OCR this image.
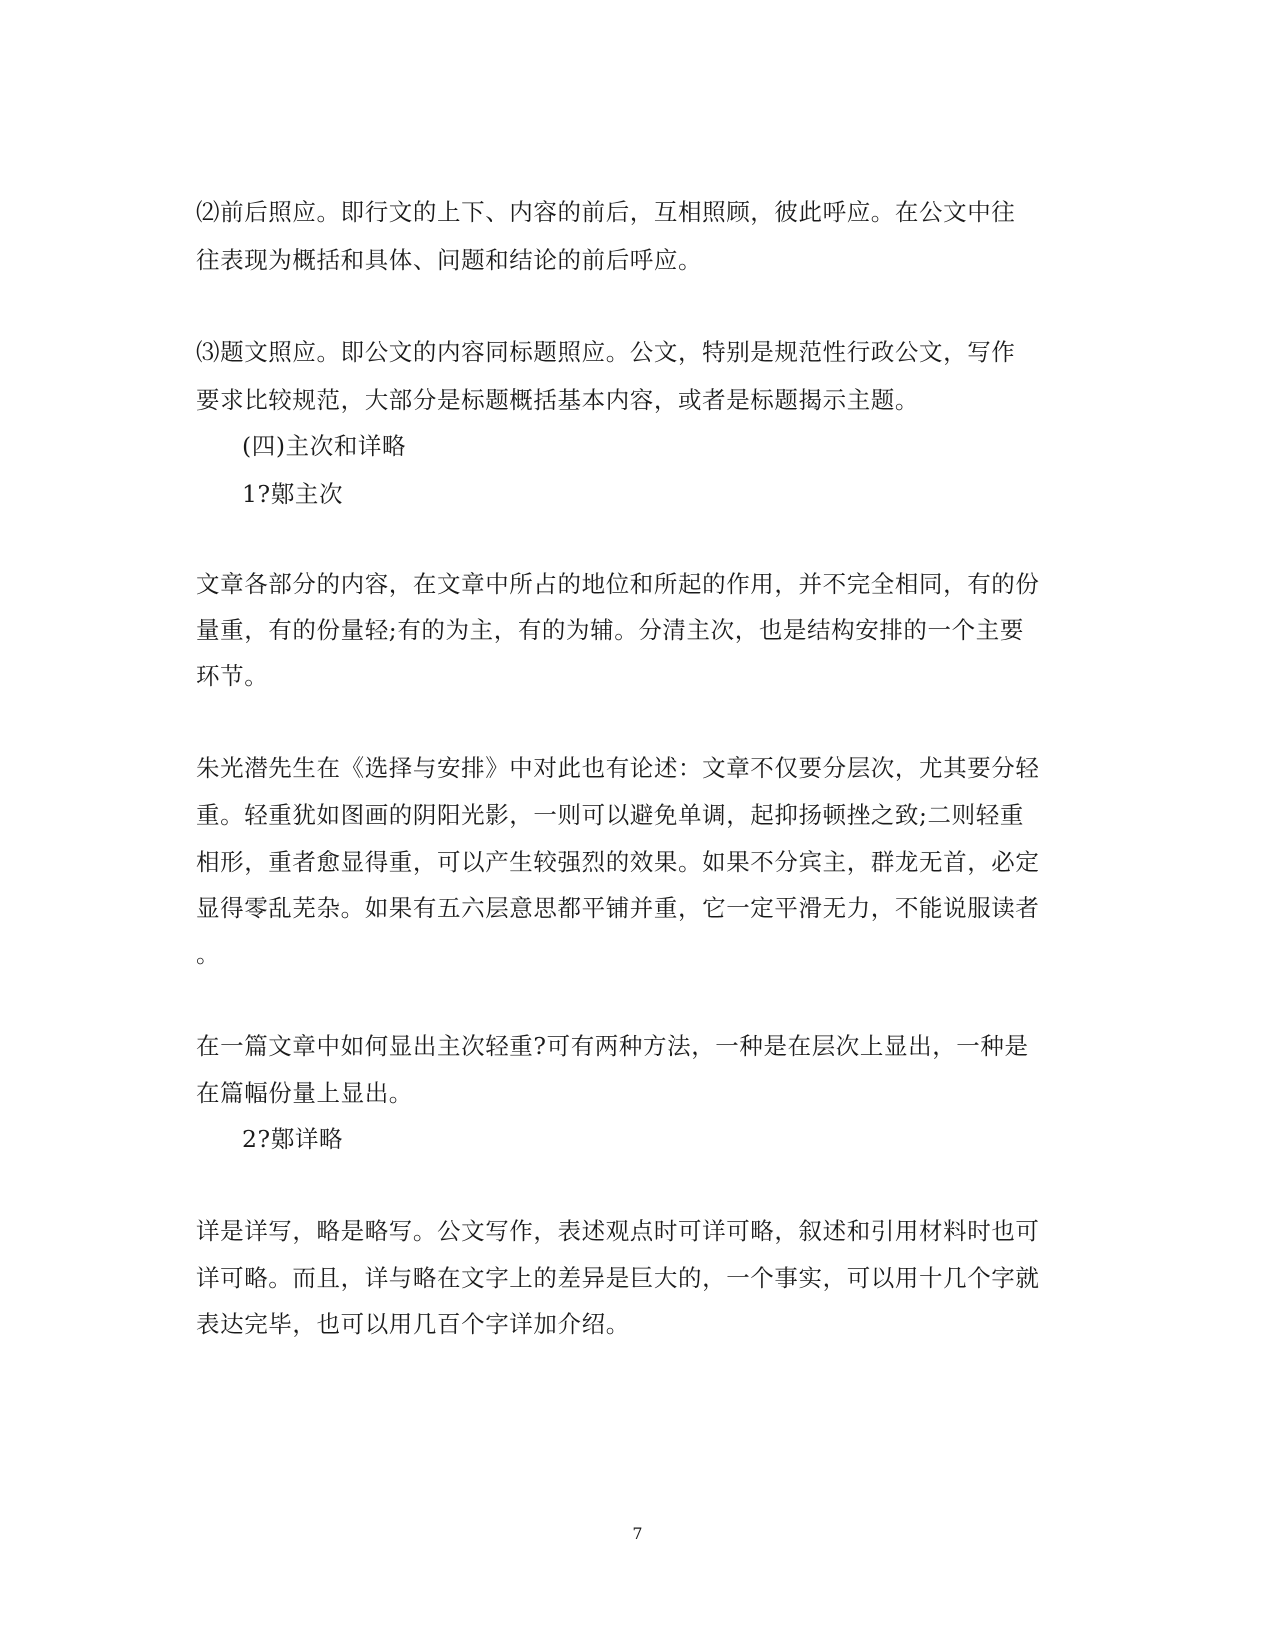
⑵前后照应。即行文的上下、内容的前后，互相照顾，彼此呼应。在公文中往
往表现为概括和具体、问题和结论的前后呼应。
⑶题文照应。即公文的内容同标题照应。公文，特别是规范性行政公文，写作
要求比较规范，大部分是标题概括基本内容，或者是标题揭示主题。
(四)主次和详略
1?鄚主次
文章各部分的内容，在文章中所占的地位和所起的作用，并不完全相同，有的份
量重，有的份量轻;有的为主，有的为辅。分清主次，也是结构安排的一个主要
环节。
朱光潜先生在《选择与安排》中对此也有论述：文章不仅要分层次，尤其要分轻
重。轻重犹如图画的阴阳光影，一则可以避免单调，起抑扬顿挫之致;二则轻重
相形，重者愈显得重，可以产生较强烈的效果。如果不分宾主，群龙无首，必定
显得零乱芜杂。如果有五六层意思都平铺并重，它一定平滑无力，不能说服读者
。
在一篇文章中如何显出主次轻重?可有两种方法，一种是在层次上显出，一种是
在篇幅份量上显出。
2?鄚详略
详是详写，略是略写。公文写作，表述观点时可详可略，叙述和引用材料时也可
详可略。而且，详与略在文字上的差异是巨大的，一个事实，可以用十几个字就
表达完毕，也可以用几百个字详加介绍。
7
